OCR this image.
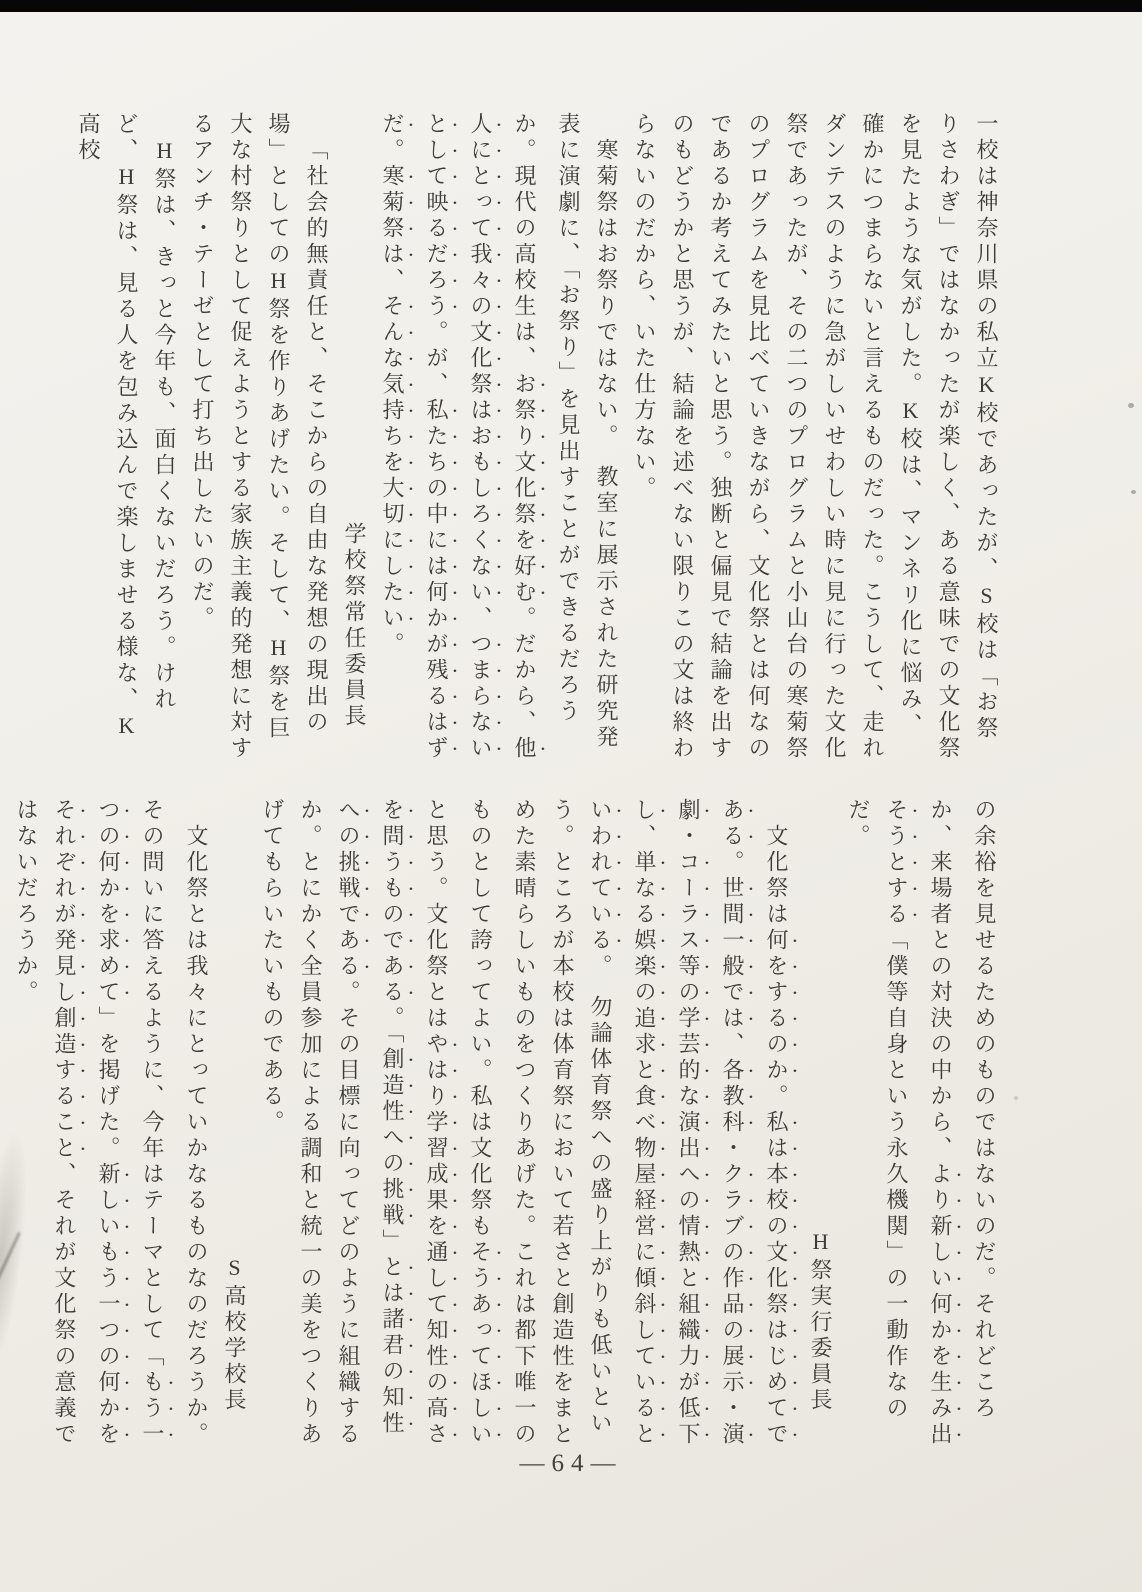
一校は神奈川県の私立K校であったが、S校は「お祭りさわぎ」ではなかったが楽しく、ある意味での文化祭を見たような気がした。K校は、マンネリ化に悩み、確かにつまらないと言えるものだった。こうして、走れダンテスのように急がしいせわしい時に見に行った文化祭であったが、その二つのプログラムと小山台の寒菊祭のプログラムを見比べていきながら、文化祭とは何なのであるか考えてみたいと思う。独断と偏見で結論を出すのもどうかと思うが、結論を述べない限りこの文は終わらないのだから、いた仕方ない。
寒菊祭はお祭りではない。　教室に展示された研究発表に演劇に、「お祭り」を見出すことができるだろうか。現代の高校生は、お祭り文化祭を好む。だから、他人にとって我々の文化祭はおもしろくない、つまらないとして映るだろう。が、私たちの中には何かが残るはずだ。寒菊祭は、そんな気持ちを大切にしたい。
学校祭常任委員長
「社会的無責任と、そこからの自由な発想の現出の場」としてのH祭を作りあげたい。そして、H祭を巨大な村祭りとして促えようとする家族主義的発想に対するアンチ・テーゼとして打ち出したいのだ。
H祭は、きっと今年も、面白くないだろう。けれど、H祭は、見る人を包み込んで楽しませる様な、K高校
の余裕を見せるためのものではないのだ。それどころか、来場者との対決の中から、より新しい何かを生み出そうとする「僕等自身という永久機関」の一動作なのだ。
H祭実行委員長
文化祭は何をするのか。私は本校の文化祭はじめてである。世間一般では、各教科・クラブの作品の展示・演劇・コーラス等の学芸的な演出への情熱と組織力が低下し、単なる娯楽の追求と食べ物屋経営に傾斜しているといわれている。　勿論体育祭への盛り上がりも低いという。ところが本校は体育祭において若さと創造性をまとめた素晴らしいものをつくりあげた。これは都下唯一のものとして誇ってよい。私は文化祭もそうあってほしいと思う。文化祭とはやはり学習成果を通して知性の高さを問うものである。「創造性への挑戦」とは諸君の知性への挑戦である。その目標に向ってどのように組織するか。とにかく全員参加による調和と統一の美をつくりあげてもらいたいものである。
S高校学校長
文化祭とは我々にとっていかなるものなのだろうか。その問いに答えるように、今年はテーマとして「もう一つの何かを求めて」を掲げた。新しいもう一つの何かをそれぞれが発見し創造すること、それが文化祭の意義ではないだろうか。
—64—
